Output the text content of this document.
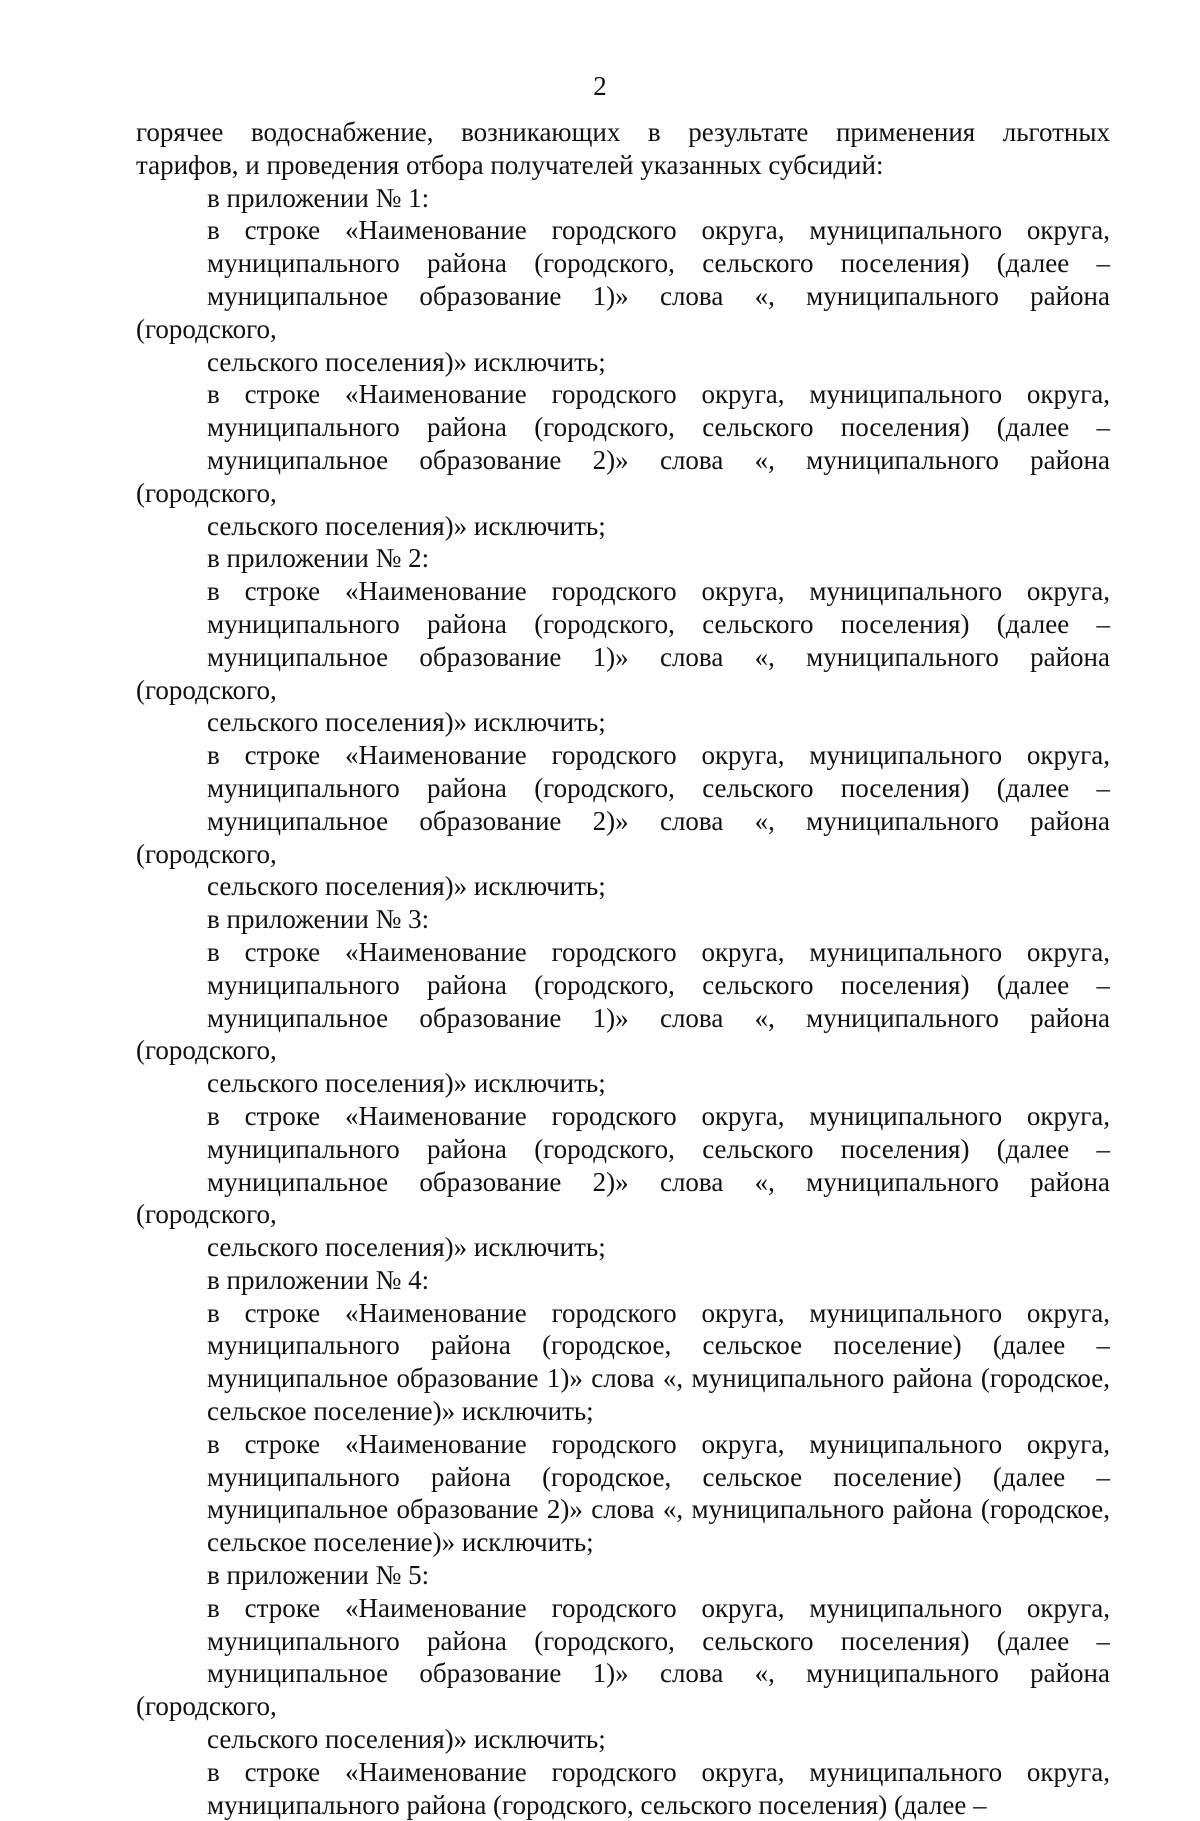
2
горячее водоснабжение, возникающих в результате применения льготных
тарифов, и проведения отбора получателей указанных субсидий:
в приложении № 1:
в строке «Наименование городского округа, муниципального округа,
муниципального района (городского, сельского поселения) (далее –
муниципальное образование 1)» слова «, муниципального района (городского,
сельского поселения)» исключить;
в строке «Наименование городского округа, муниципального округа,
муниципального района (городского, сельского поселения) (далее –
муниципальное образование 2)» слова «, муниципального района (городского,
сельского поселения)» исключить;
в приложении № 2:
в строке «Наименование городского округа, муниципального округа,
муниципального района (городского, сельского поселения) (далее –
муниципальное образование 1)» слова «, муниципального района (городского,
сельского поселения)» исключить;
в строке «Наименование городского округа, муниципального округа,
муниципального района (городского, сельского поселения) (далее –
муниципальное образование 2)» слова «, муниципального района (городского,
сельского поселения)» исключить;
в приложении № 3:
в строке «Наименование городского округа, муниципального округа,
муниципального района (городского, сельского поселения) (далее –
муниципальное образование 1)» слова «, муниципального района (городского,
сельского поселения)» исключить;
в строке «Наименование городского округа, муниципального округа,
муниципального района (городского, сельского поселения) (далее –
муниципальное образование 2)» слова «, муниципального района (городского,
сельского поселения)» исключить;
в приложении № 4:
в строке «Наименование городского округа, муниципального округа,
муниципального района (городское, сельское поселение) (далее –
муниципальное образование 1)» слова «, муниципального района (городское,
сельское поселение)» исключить;
в строке «Наименование городского округа, муниципального округа,
муниципального района (городское, сельское поселение) (далее –
муниципальное образование 2)» слова «, муниципального района (городское,
сельское поселение)» исключить;
в приложении № 5:
в строке «Наименование городского округа, муниципального округа,
муниципального района (городского, сельского поселения) (далее –
муниципальное образование 1)» слова «, муниципального района (городского,
сельского поселения)» исключить;
в строке «Наименование городского округа, муниципального округа,
муниципального района (городского, сельского поселения) (далее –
